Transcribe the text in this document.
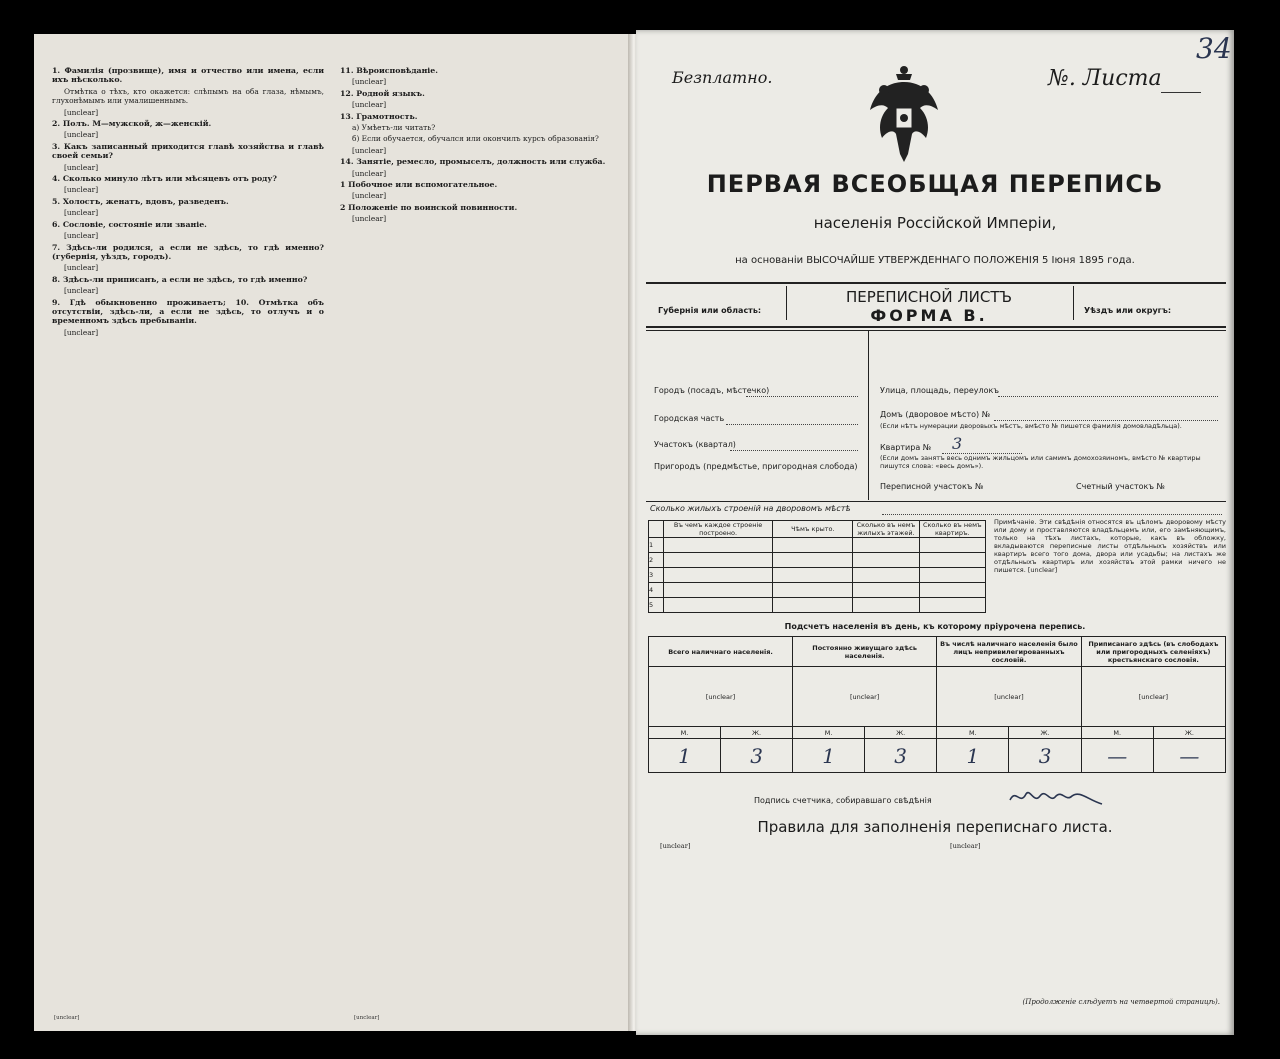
1. Фамилія (прозвище), имя и отчество или имена, если ихъ нѣсколько.

Отмѣтка о тѣхъ, кто окажется: слѣпымъ на оба глаза, нѣмымъ, глухонѣмымъ или умалишеннымъ.

[unclear]

2. Полъ. М—мужской, ж—женскій.

[unclear]

3. Какъ записанный приходится главѣ хозяйства и главѣ своей семьи?

[unclear]

4. Сколько минуло лѣтъ или мѣсяцевъ отъ роду?

[unclear]

5. Холостъ, женатъ, вдовъ, разведенъ.

[unclear]

6. Сословіе, состояніе или званіе.

[unclear]

7. Здѣсь-ли родился, а если не здѣсь, то гдѣ именно? (губернія, уѣздъ, городъ).

[unclear]

8. Здѣсь-ли приписанъ, а если не здѣсь, то гдѣ именно?

[unclear]

9. Гдѣ обыкновенно проживаетъ; 10. Отмѣтка объ отсутствіи, здѣсь-ли, а если не здѣсь, то отлучъ и о временномъ здѣсь пребываніи.

[unclear]

11. Вѣроисповѣданіе.

[unclear]

12. Родной языкъ.

[unclear]

13. Грамотность.

а) Умѣетъ-ли читать?

б) Если обучается, обучался или окончилъ курсъ образованія?

[unclear]

14. Занятіе, ремесло, промыселъ, должность или служба.

[unclear]

1 Побочное или вспомогательное.

[unclear]

2 Положеніе по воинской повинности.

[unclear]

[unclear]	[unclear]
Безплатно.	№. Листа
34
ПЕРВАЯ ВСЕОБЩАЯ ПЕРЕПИСЬ
населенія Россійской Имперіи,
на основаніи ВЫСОЧАЙШЕ УТВЕРЖДЕННАГО ПОЛОЖЕНІЯ 5 Іюня 1895 года.
Губернія или область:
ПЕРЕПИСНОЙ ЛИСТЪ
ФОРМА В.	Уѣздъ или округъ:
Городъ (посадъ, мѣстечко)
Городская часть
Участокъ (квартал)
Пригородъ (предмѣстье, пригородная слобода)
Улица, площадь, переулокъ
Домъ (дворовое мѣсто) №
(Если нѣтъ нумерации дворовыхъ мѣстъ, вмѣсто № пишется фамилія домовладѣльца).
Квартира № 3
(Если домъ занятъ весь однимъ жильцомъ или самимъ домохозяиномъ, вмѣсто № квартиры пишутся слова: «весь домъ»).
Переписной участокъ №	Счетный участокъ №
Сколько жилыхъ строеній на дворовомъ мѣстѣ
	Въ чемъ каждое строеніе построено.	Чѣмъ крыто.	Сколько въ немъ жилыхъ этажей.	Сколько въ немъ квартиръ.
1				
2				
3				
4				
5				
Примѣчаніе. Эти свѣдѣнія относятся въ цѣломъ дворовому мѣсту или дому и проставляются владѣльцемъ или, его замѣняющимъ, только на тѣхъ листахъ, которые, какъ въ обложку, вкладываются переписные листы отдѣльныхъ хозяйствъ или квартиръ всего того дома, двора или усадьбы; на листахъ же отдѣльныхъ квартиръ или хозяйствъ этой рамки ничего не пишется. [unclear]
Подсчетъ населенія въ день, къ которому пріурочена перепись.
Всего наличнаго населенія.		Постоянно живущаго здѣсь населенія.		Въ числѣ наличнаго населенія было лицъ непривилегированныхъ сословій.		Приписанаго здѣсь (въ слободахъ или пригородныхъ селеніяхъ) крестьянскаго сословія.	
[unclear]		[unclear]		[unclear]		[unclear]	
М.	Ж.	М.	Ж.	М.	Ж.	М.	Ж.
1	3	1	3	1	3	—	—
Подпись счетчика, собиравшаго свѣдѣнія
Правила для заполненія переписнаго листа.

[unclear]	[unclear]

(Продолженіе слѣдуетъ на четвертой страницѣ).
